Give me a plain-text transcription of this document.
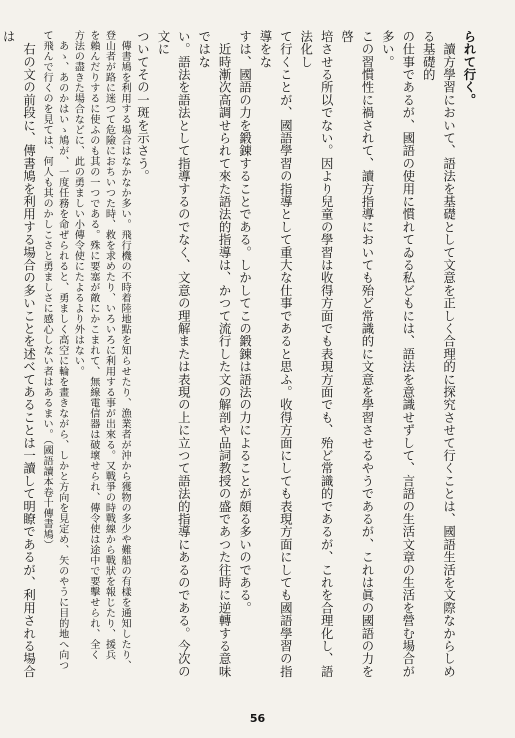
られて行く。

　讀方學習において、語法を基礎として文意を正しく合理的に探究させて行くことは、國語生活を文際なからしめる基礎的

の仕事であるが、國語の使用に慣れてゐる私どもには、語法を意識せずして、言語の生活文章の生活を營む場合が多い。

この習慣性に禍されて、讀方指導においても殆ど常識的に文意を學習させるやうであるが、これは眞の國語の力を啓

培させる所以でない。因より兒童の學習は收得方面でも表現方面でも、殆ど常識的であるが、これを合理化し、語法化し

て行くことが、國語學習の指導として重大な仕事であると思ふ。收得方面にしても表現方面にしても國語學習の指導をな

すは、國語の力を鍛錬することである。しかしてこの鍛錬は語法の力によることが頗る多いのである。

　近時漸次高調せられて來た語法的指導は、かつて流行した文の解剖や品詞教授の盛であつた往時に逆轉する意味ではな

い。語法を語法として指導するのでなく、文意の理解または表現の上に立つて語法的指導にあるのである。今次の文に

ついてその一斑を示さう。

　傳書鳩を利用する場合はなかなか多い。飛行機の不時着陸地點を知らせたり、漁業者が沖から獲物の多少や難船の有樣を通知したり、

登山者が路に迷つて危險におちいつた時、救を求めたり、いろいろに利用する事が出來る。又戰爭の時戰線から戰狀を報じたり、援兵

を賴んだりするに使ふのも其の一つである。殊に要塞が敵にかこまれて、無線電信器は破壞せられ、傳令使は途中で要擊せられ、全く

方法の盡きた場合などに、此の勇ましい小傳令使にたよるより外はない。

　あゝ、あのかはいゝ鳩が、一度任務を命ぜられると、勇ましく高空に輪を畫きながら、しかと方向を見定め、矢のやうに目的地へ向つ

て飛んで行くのを見ては、何人も其のかしこさと勇ましさに感心しない者はあるまい。（國語讀本卷十傳書鳩）

　右の文の前段に、傳書鳩を利用する場合の多いことを述べてあることは一讀して明瞭であるが、利用される場合は

56
